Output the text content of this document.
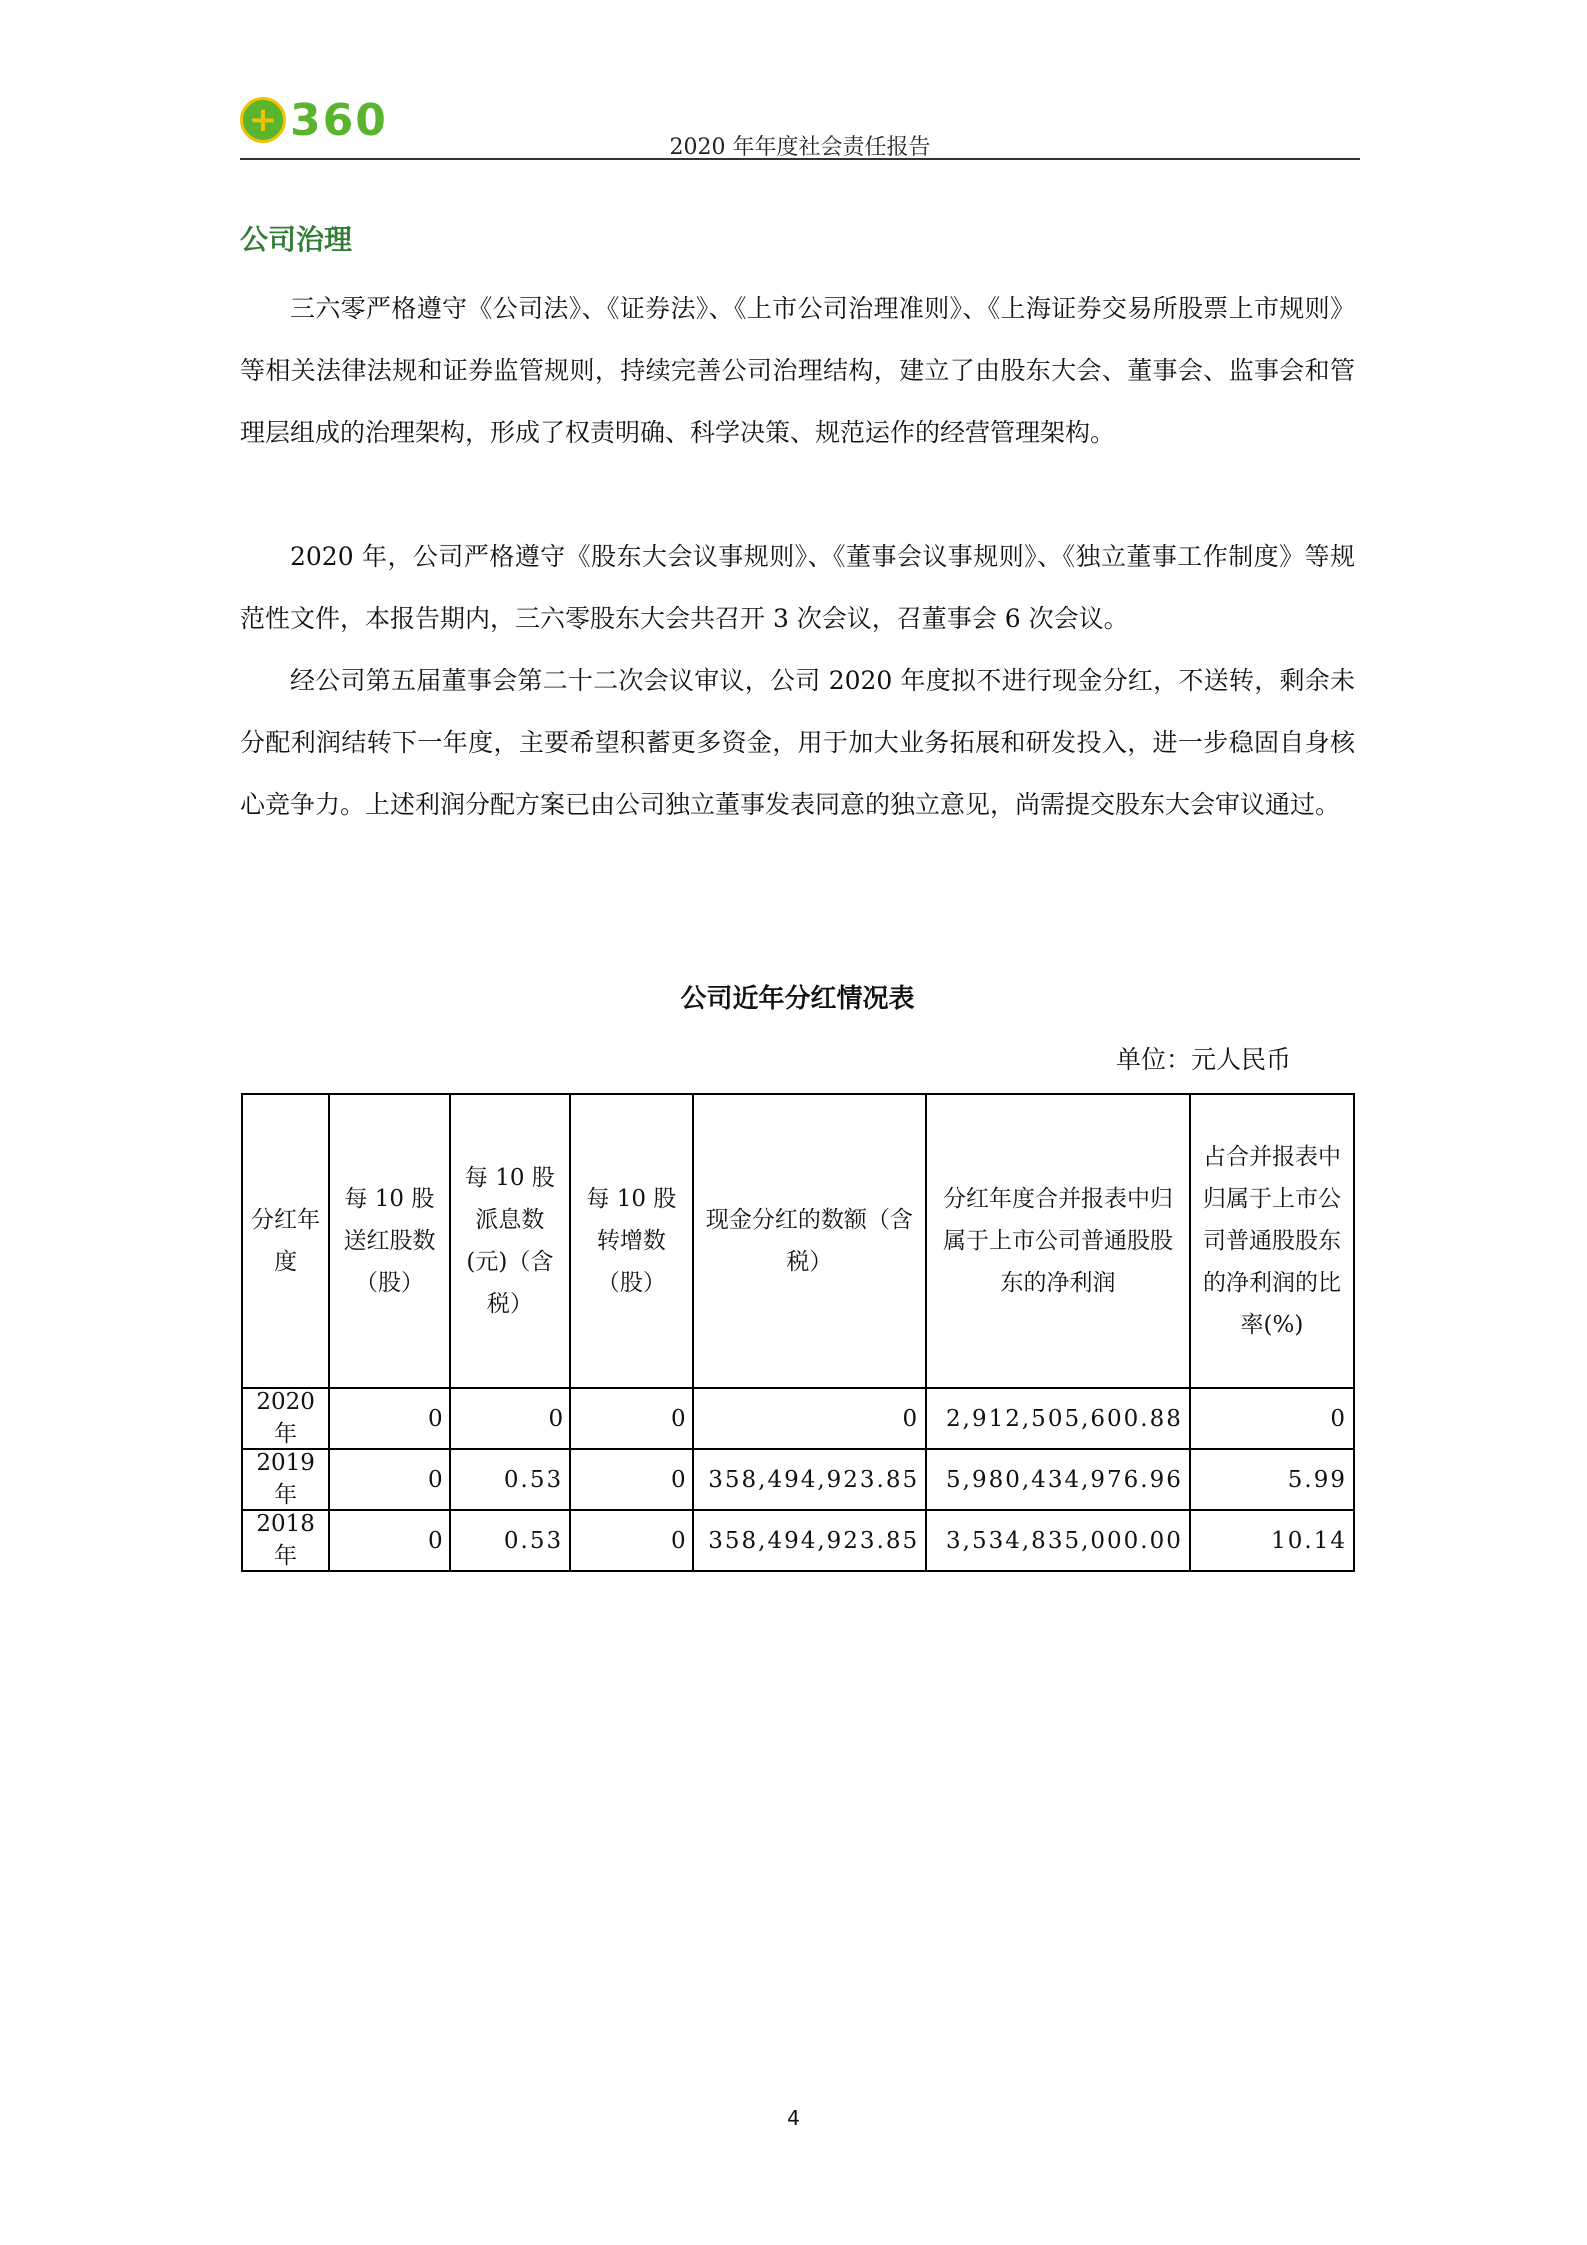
+ 360
2020 年年度社会责任报告
公司治理

三六零严格遵守《公司法》、《证券法》、《上市公司治理准则》、《上海证券交易所股票上市规则》等相关法律法规和证券监管规则，持续完善公司治理结构，建立了由股东大会、董事会、监事会和管理层组成的治理架构，形成了权责明确、科学决策、规范运作的经营管理架构。

2020 年，公司严格遵守《股东大会议事规则》、《董事会议事规则》、《独立董事工作制度》等规范性文件，本报告期内，三六零股东大会共召开 3 次会议，召董事会 6 次会议。

经公司第五届董事会第二十二次会议审议，公司 2020 年度拟不进行现金分红，不送转，剩余未分配利润结转下一年度，主要希望积蓄更多资金，用于加大业务拓展和研发投入，进一步稳固自身核心竞争力。上述利润分配方案已由公司独立董事发表同意的独立意见，尚需提交股东大会审议通过。

公司近年分红情况表
单位：元人民币
分红年度	每 10 股送红股数（股）	每 10 股派息数(元)（含税）	每 10 股转增数（股）	现金分红的数额（含税）	分红年度合并报表中归属于上市公司普通股股东的净利润	占合并报表中归属于上市公司普通股股东的净利润的比率(%)
2020 年	0	0	0	0	2,912,505,600.88	0
2019 年	0	0.53	0	358,494,923.85	5,980,434,976.96	5.99
2018 年	0	0.53	0	358,494,923.85	3,534,835,000.00	10.14
4
